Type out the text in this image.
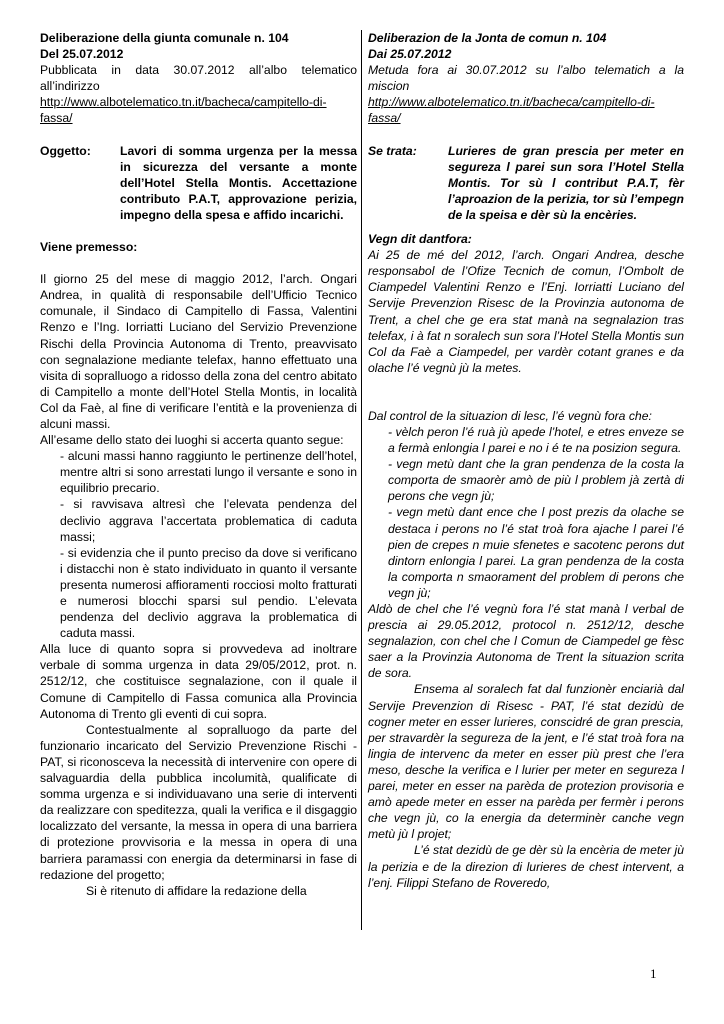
Deliberazione della giunta comunale n. 104
Del 25.07.2012
Pubblicata in data 30.07.2012 all’albo telematico all’indirizzo
http://www.albotelematico.tn.it/bacheca/campitello-di-fassa/
Oggetto:	Lavori di somma urgenza per la messa in sicurezza del versante a monte dell’Hotel Stella Montis. Accettazione contributo P.A.T, approvazione perizia, impegno della spesa e affido incarichi.
Viene premesso:
Il giorno 25 del mese di maggio 2012, l’arch. Ongari Andrea, in qualità di responsabile dell’Ufficio Tecnico comunale, il Sindaco di Campitello di Fassa, Valentini Renzo e l’Ing. Iorriatti Luciano del Servizio Prevenzione Rischi della Provincia Autonoma di Trento, preavvisato con segnalazione mediante telefax, hanno effettuato una visita di sopralluogo a ridosso della zona del centro abitato di Campitello a monte dell’Hotel Stella Montis, in località Col da Faè, al fine di verificare l’entità e la provenienza di alcuni massi.
All’esame dello stato dei luoghi si accerta quanto segue:
- alcuni massi hanno raggiunto le pertinenze dell’hotel, mentre altri si sono arrestati lungo il versante e sono in equilibrio precario.
- si ravvisava altresì che l’elevata pendenza del declivio aggrava l’accertata problematica di caduta massi;
- si evidenzia che il punto preciso da dove si verificano i distacchi non è stato individuato in quanto il versante presenta numerosi affioramenti rocciosi molto fratturati e numerosi blocchi sparsi sul pendio. L’elevata pendenza del declivio aggrava la problematica di caduta massi.
Alla luce di quanto sopra si provvedeva ad inoltrare verbale di somma urgenza in data 29/05/2012, prot. n. 2512/12, che costituisce segnalazione, con il quale il Comune di Campitello di Fassa comunica alla Provincia Autonoma di Trento gli eventi di cui sopra.
Contestualmente al sopralluogo da parte del funzionario incaricato del Servizio Prevenzione Rischi - PAT, si riconosceva la necessità di intervenire con opere di salvaguardia della pubblica incolumità, qualificate di somma urgenza e si individuavano una serie di interventi da realizzare con speditezza, quali la verifica e il disgaggio localizzato del versante, la messa in opera di una barriera di protezione provvisoria e la messa in opera di una barriera paramassi con energia da determinarsi in fase di redazione del progetto;
Si è ritenuto di affidare la redazione della
Deliberazion de la Jonta de comun n. 104
Dai 25.07.2012
Metuda fora ai 30.07.2012 su l’albo telematich a la miscion
http://www.albotelematico.tn.it/bacheca/campitello-di-fassa/
Se trata:	Lurieres de gran prescia per meter en segureza l parei sun sora l’Hotel Stella Montis. Tor sù l contribut P.A.T, fèr l’aproazion de la perizia, tor sù l’empegn de la speisa e dèr sù la encèries.
Vegn dit dantfora:
Ai 25 de mé del 2012, l’arch. Ongari Andrea, desche responsabol de l’Ofize Tecnich de comun, l’Ombolt de Ciampedel Valentini Renzo e l’Enj. Iorriatti Luciano del Servije Prevenzion Risesc de la Provinzia autonoma de Trent, a chel che ge era stat manà na segnalazion tras telefax, i à fat n soralech sun sora l’Hotel Stella Montis sun Col da Faè a Ciampedel, per vardèr cotant granes e da olache l’é vegnù jù la metes.
Dal control de la situazion di lesc, l’é vegnù fora che:
- vèlch peron l’é ruà jù apede l’hotel, e etres enveze se a fermà enlongia l parei e no i é te na posizion segura.
- vegn metù dant che la gran pendenza de la costa la comporta de smaorèr amò de più l problem jà zertà di perons che vegn jù;
- vegn metù dant ence che l post prezis da olache se destaca i perons no l’é stat troà fora ajache l parei l’é pien de crepes n muie sfenetes e sacotenc perons dut dintorn enlongia l parei. La gran pendenza de la costa la comporta n smaorament del problem di perons che vegn jù;
Aldò de chel che l’é vegnù fora l’é stat manà l verbal de prescia ai 29.05.2012, protocol n. 2512/12, desche segnalazion, con chel che l Comun de Ciampedel ge fèsc saer a la Provinzia Autonoma de Trent la situazion scrita de sora.
Ensema al soralech fat dal funzionèr enciarià dal Servije Prevenzion di Risesc - PAT, l’é stat dezidù de cogner meter en esser lurieres, conscidré de gran prescia, per stravardèr la segureza de la jent, e l’é stat troà fora na lingia de intervenc da meter en esser più prest che l’era meso, desche la verifica e l lurier per meter en segureza l parei, meter en esser na parèda de protezion provisoria e amò apede meter en esser na parèda per fermèr i perons che vegn jù, co la energia da determinèr canche vegn metù jù l projet;
L’é stat dezidù de ge dèr sù la encèria de meter jù la perizia e de la direzion di lurieres de chest intervent, a l’enj. Filippi Stefano de Roveredo,
1
